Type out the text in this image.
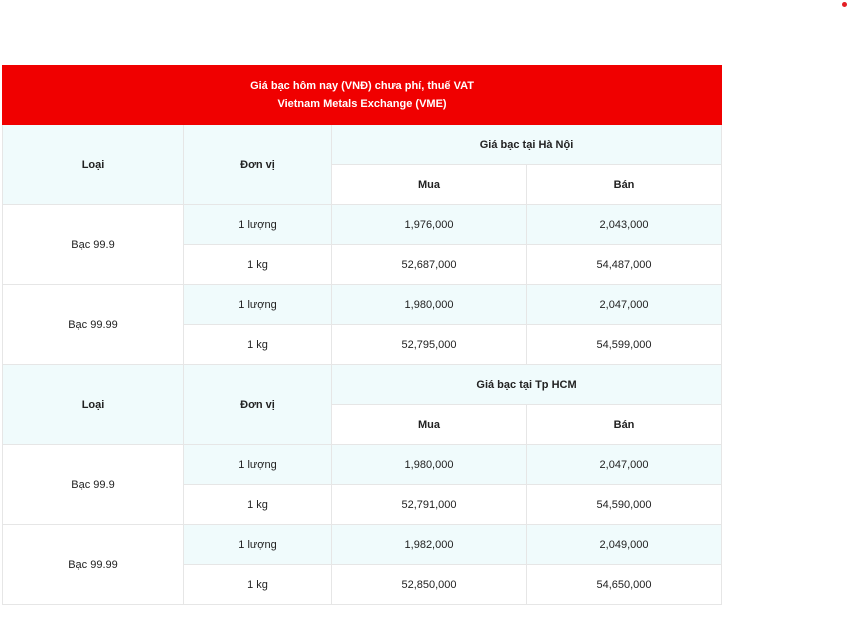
Giá bạc hôm nay (VNĐ) chưa phí, thuế VAT
Vietnam Metals Exchange (VME)			

Loại	Đơn vị	Giá bạc tại Hà Nội	
		Mua	Bán
Bạc 99.9	1 lượng	1,976,000	2,043,000
	1 kg	52,687,000	54,487,000
Bạc 99.99	1 lượng	1,980,000	2,047,000
	1 kg	52,795,000	54,599,000
Loại	Đơn vị	Giá bạc tại Tp HCM	
		Mua	Bán
Bạc 99.9	1 lượng	1,980,000	2,047,000
	1 kg	52,791,000	54,590,000
Bạc 99.99	1 lượng	1,982,000	2,049,000
	1 kg	52,850,000	54,650,000
